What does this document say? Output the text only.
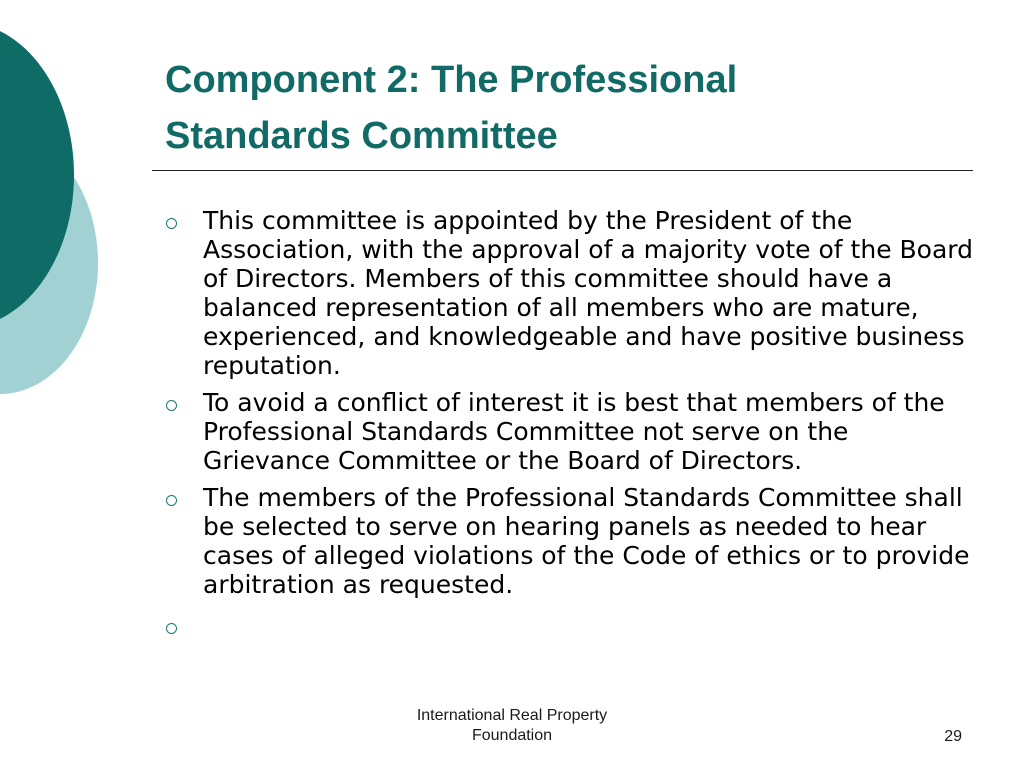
Component 2: The Professional
Standards Committee
This committee is appointed by the President of the Association, with the approval of a majority vote of the Board of Directors. Members of this committee should have a balanced representation of all members who are mature, experienced, and knowledgeable and have positive business reputation.
To avoid a conflict of interest it is best that members of the Professional Standards Committee not serve on the Grievance Committee or the Board of Directors.
The members of the Professional Standards Committee shall be selected to serve on hearing panels as needed to hear cases of alleged violations of the Code of ethics or to provide arbitration as requested.
International Real Property
Foundation	29
